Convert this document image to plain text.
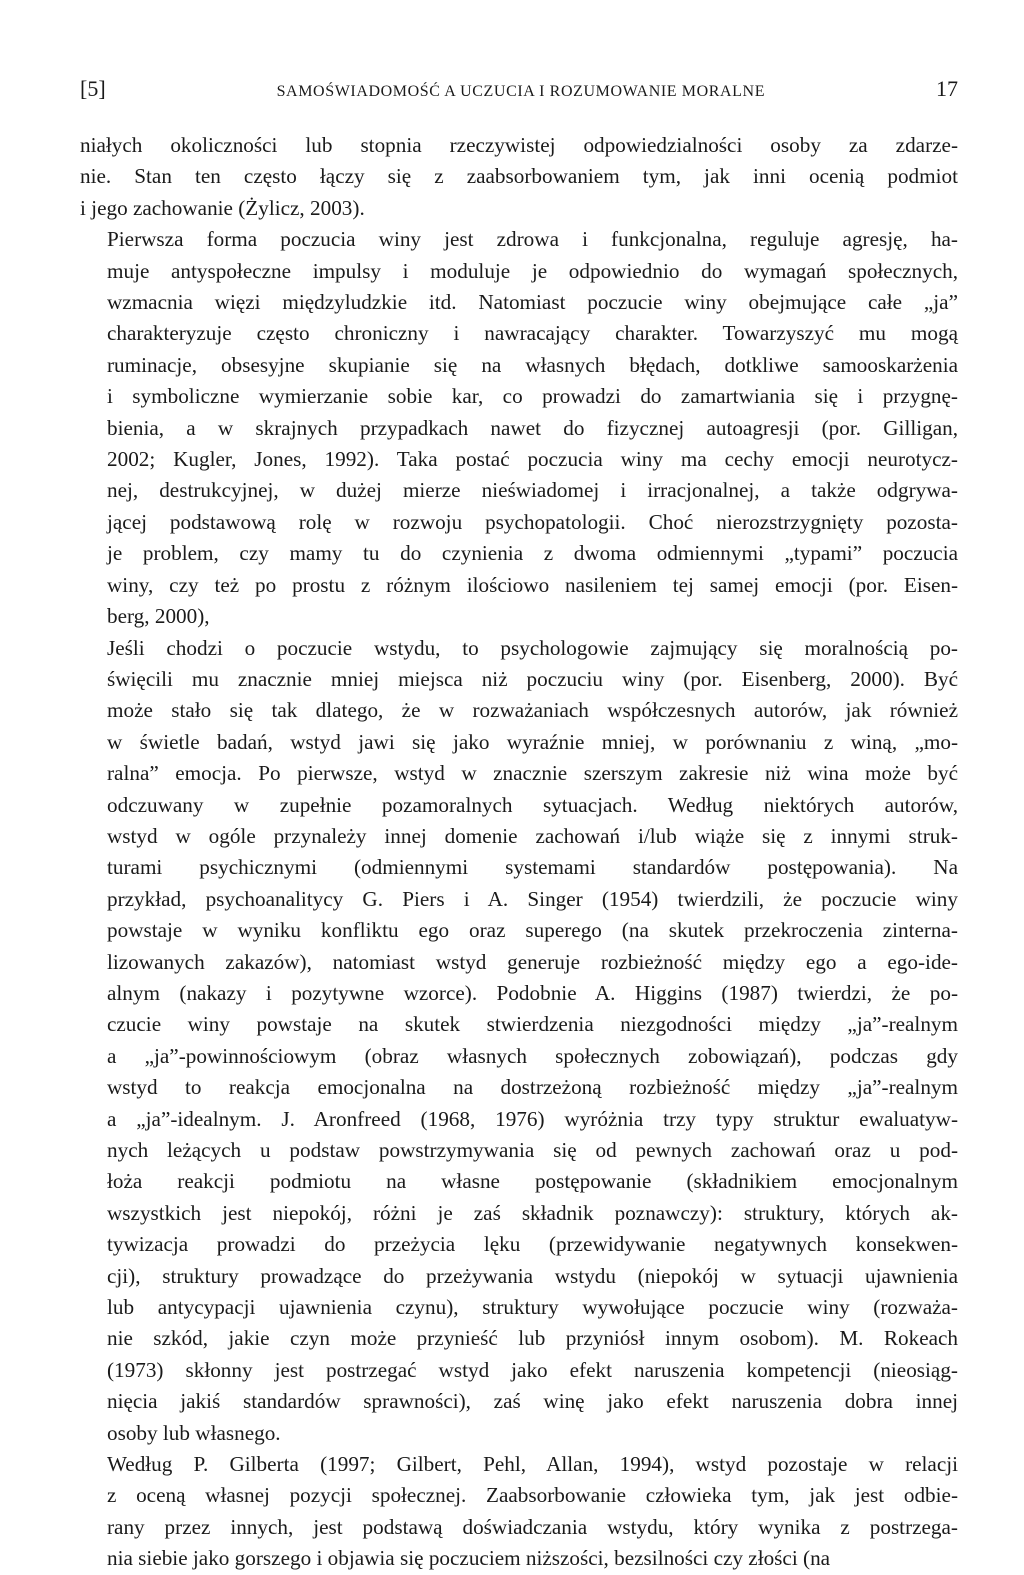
[5]	SAMOŚWIADOMOŚĆ A UCZUCIA I ROZUMOWANIE MORALNE	17

niałych okoliczności lub stopnia rzeczywistej odpowiedzialności osoby za zdarze-
nie. Stan ten często łączy się z zaabsorbowaniem tym, jak inni ocenią podmiot
i jego zachowanie (Żylicz, 2003).

Pierwsza forma poczucia winy jest zdrowa i funkcjonalna, reguluje agresję, ha-
muje antyspołeczne impulsy i moduluje je odpowiednio do wymagań społecznych,
wzmacnia więzi międzyludzkie itd. Natomiast poczucie winy obejmujące całe „ja”
charakteryzuje często chroniczny i nawracający charakter. Towarzyszyć mu mogą
ruminacje, obsesyjne skupianie się na własnych błędach, dotkliwe samooskarżenia
i symboliczne wymierzanie sobie kar, co prowadzi do zamartwiania się i przygnę-
bienia, a w skrajnych przypadkach nawet do fizycznej autoagresji (por. Gilligan,
2002; Kugler, Jones, 1992). Taka postać poczucia winy ma cechy emocji neurotycz-
nej, destrukcyjnej, w dużej mierze nieświadomej i irracjonalnej, a także odgrywa-
jącej podstawową rolę w rozwoju psychopatologii. Choć nierozstrzygnięty pozosta-
je problem, czy mamy tu do czynienia z dwoma odmiennymi „typami” poczucia
winy, czy też po prostu z różnym ilościowo nasileniem tej samej emocji (por. Eisen-
berg, 2000),

Jeśli chodzi o poczucie wstydu, to psychologowie zajmujący się moralnością po-
święcili mu znacznie mniej miejsca niż poczuciu winy (por. Eisenberg, 2000). Być
może stało się tak dlatego, że w rozważaniach współczesnych autorów, jak również
w świetle badań, wstyd jawi się jako wyraźnie mniej, w porównaniu z winą, „mo-
ralna” emocja. Po pierwsze, wstyd w znacznie szerszym zakresie niż wina może być
odczuwany w zupełnie pozamoralnych sytuacjach. Według niektórych autorów,
wstyd w ogóle przynależy innej domenie zachowań i/lub wiąże się z innymi struk-
turami psychicznymi (odmiennymi systemami standardów postępowania). Na
przykład, psychoanalitycy G. Piers i A. Singer (1954) twierdzili, że poczucie winy
powstaje w wyniku konfliktu ego oraz superego (na skutek przekroczenia zinterna-
lizowanych zakazów), natomiast wstyd generuje rozbieżność między ego a ego-ide-
alnym (nakazy i pozytywne wzorce). Podobnie A. Higgins (1987) twierdzi, że po-
czucie winy powstaje na skutek stwierdzenia niezgodności między „ja”-realnym
a „ja”-powinnościowym (obraz własnych społecznych zobowiązań), podczas gdy
wstyd to reakcja emocjonalna na dostrzeżoną rozbieżność między „ja”-realnym
a „ja”-idealnym. J. Aronfreed (1968, 1976) wyróżnia trzy typy struktur ewaluatyw-
nych leżących u podstaw powstrzymywania się od pewnych zachowań oraz u pod-
łoża reakcji podmiotu na własne postępowanie (składnikiem emocjonalnym
wszystkich jest niepokój, różni je zaś składnik poznawczy): struktury, których ak-
tywizacja prowadzi do przeżycia lęku (przewidywanie negatywnych konsekwen-
cji), struktury prowadzące do przeżywania wstydu (niepokój w sytuacji ujawnienia
lub antycypacji ujawnienia czynu), struktury wywołujące poczucie winy (rozważa-
nie szkód, jakie czyn może przynieść lub przyniósł innym osobom). M. Rokeach
(1973) skłonny jest postrzegać wstyd jako efekt naruszenia kompetencji (nieosiąg-
nięcia jakiś standardów sprawności), zaś winę jako efekt naruszenia dobra innej
osoby lub własnego.

Według P. Gilberta (1997; Gilbert, Pehl, Allan, 1994), wstyd pozostaje w relacji
z oceną własnej pozycji społecznej. Zaabsorbowanie człowieka tym, jak jest odbie-
rany przez innych, jest podstawą doświadczania wstydu, który wynika z postrzega-
nia siebie jako gorszego i objawia się poczuciem niższości, bezsilności czy złości (na
